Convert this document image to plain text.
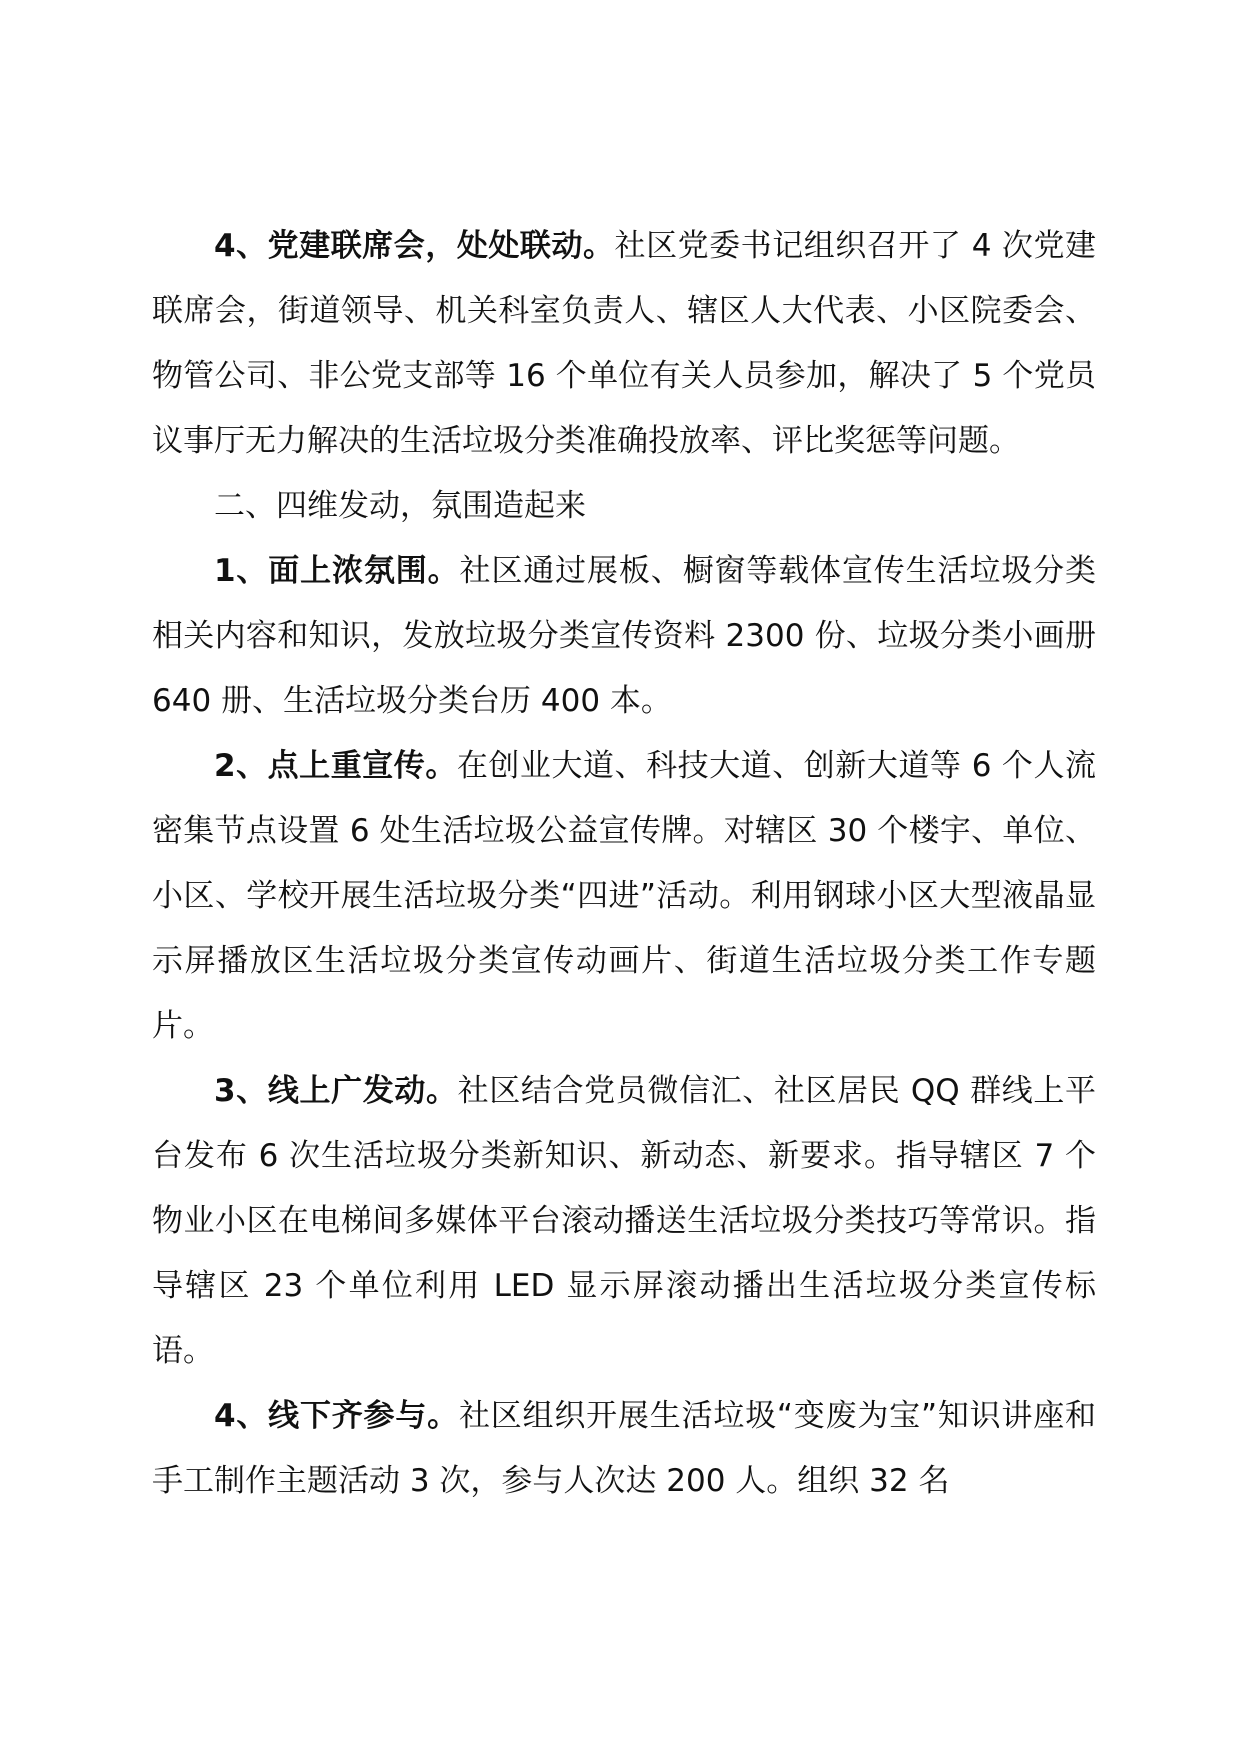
4、党建联席会，处处联动。社区党委书记组织召开了 4 次党建联席会，街道领导、机关科室负责人、辖区人大代表、小区院委会、物管公司、非公党支部等 16 个单位有关人员参加，解决了 5 个党员议事厅无力解决的生活垃圾分类准确投放率、评比奖惩等问题。

二、四维发动，氛围造起来

1、面上浓氛围。社区通过展板、橱窗等载体宣传生活垃圾分类相关内容和知识，发放垃圾分类宣传资料 2300 份、垃圾分类小画册 640 册、生活垃圾分类台历 400 本。

2、点上重宣传。在创业大道、科技大道、创新大道等 6 个人流密集节点设置 6 处生活垃圾公益宣传牌。对辖区 30 个楼宇、单位、小区、学校开展生活垃圾分类“四进”活动。利用钢球小区大型液晶显示屏播放区生活垃圾分类宣传动画片、街道生活垃圾分类工作专题片。

3、线上广发动。社区结合党员微信汇、社区居民 QQ 群线上平台发布 6 次生活垃圾分类新知识、新动态、新要求。指导辖区 7 个物业小区在电梯间多媒体平台滚动播送生活垃圾分类技巧等常识。指导辖区 23 个单位利用 LED 显示屏滚动播出生活垃圾分类宣传标语。

4、线下齐参与。社区组织开展生活垃圾“变废为宝”知识讲座和手工制作主题活动 3 次，参与人次达 200 人。组织 32 名
